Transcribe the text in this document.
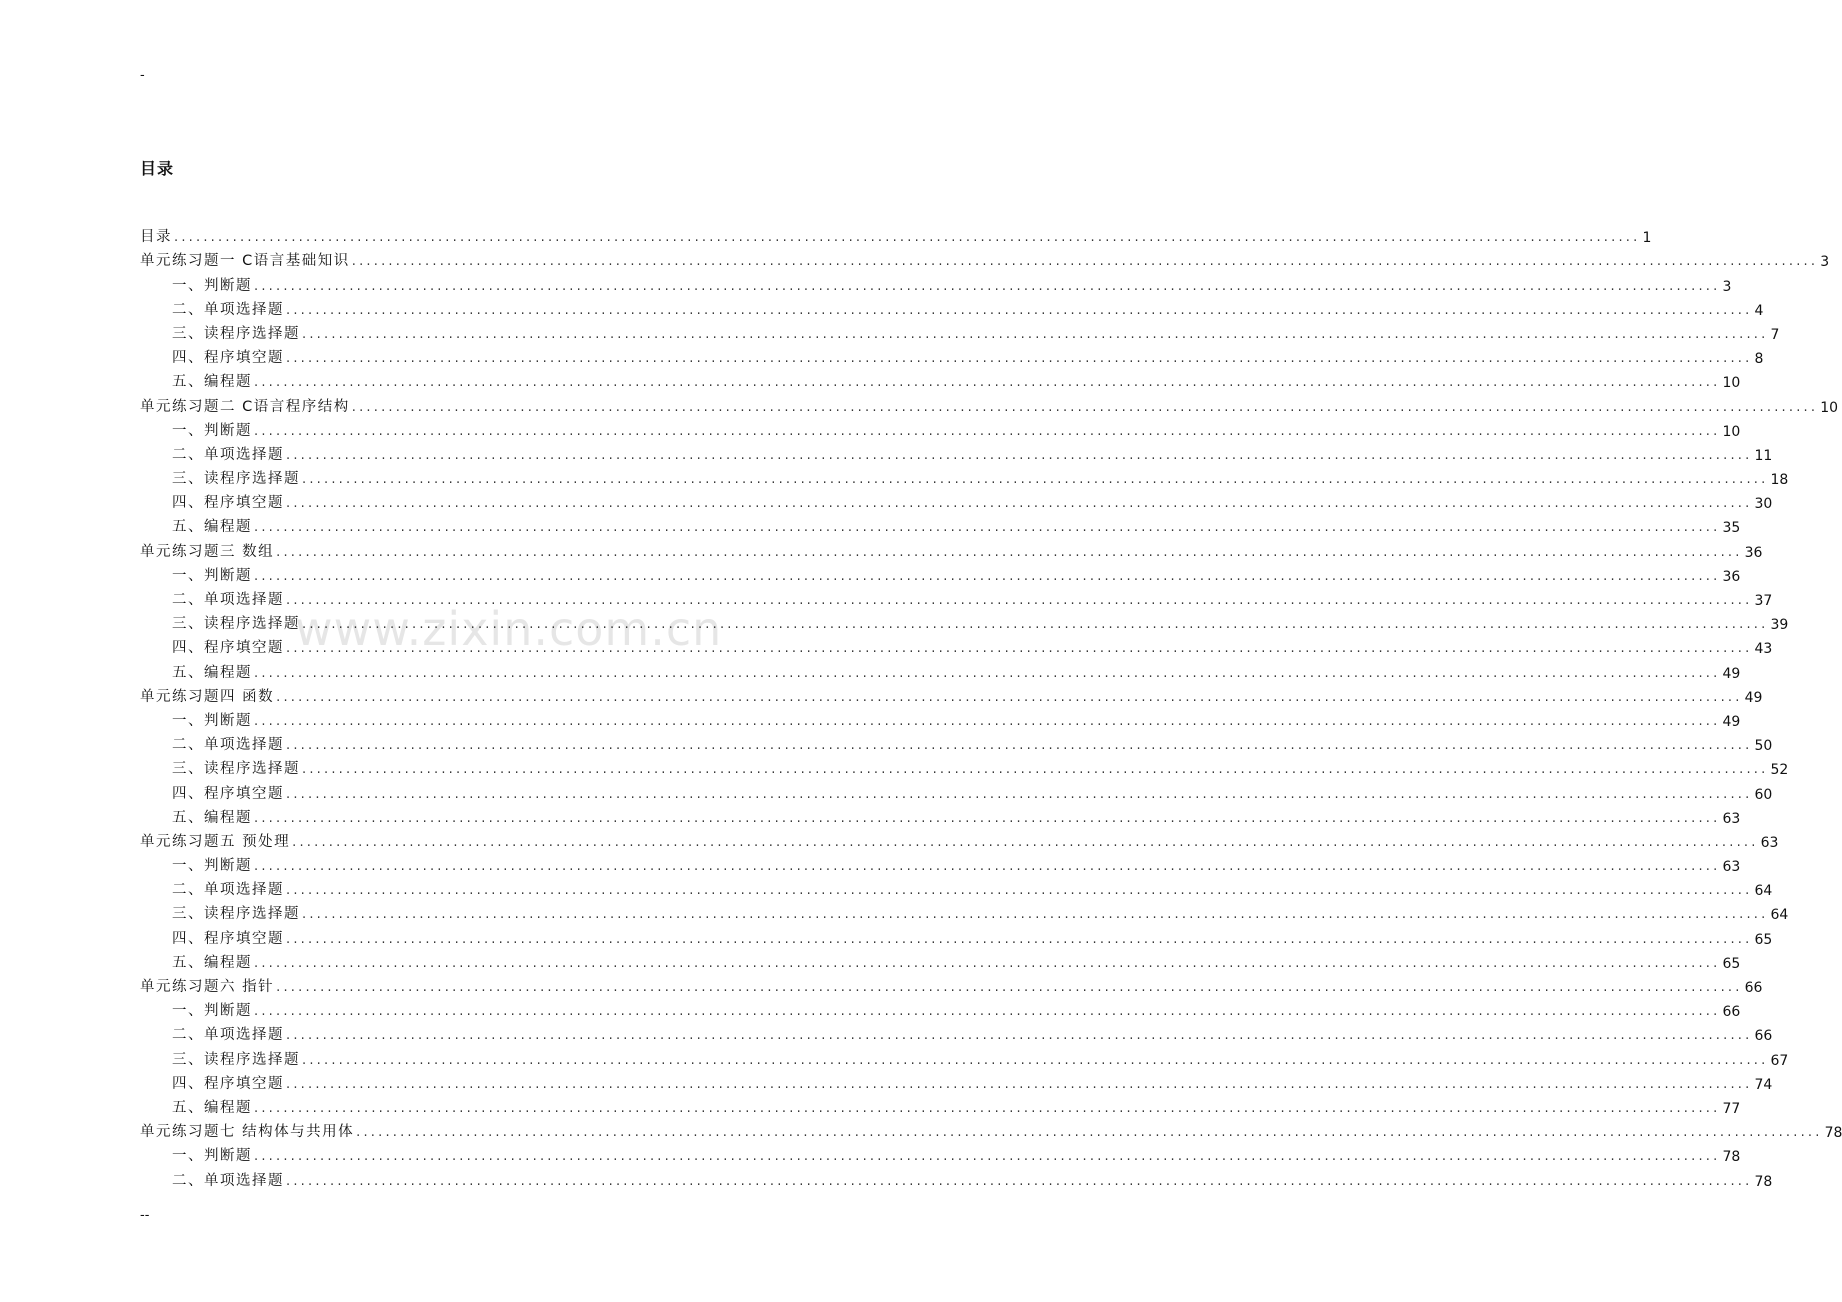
-
目录
www.zixin.com.cn
目录 ........................................................................................................................................................................................................ 1
单元练习题一 C语言基础知识 ........................................................................................................................................................................................................ 3
一、 判断题 ........................................................................................................................................................................................................ 3
二、 单项选择题 ........................................................................................................................................................................................................ 4
三、 读程序选择题 ........................................................................................................................................................................................................ 7
四、 程序填空题 ........................................................................................................................................................................................................ 8
五、 编程题 ........................................................................................................................................................................................................ 10
单元练习题二 C语言程序结构 ........................................................................................................................................................................................................ 10
一、 判断题 ........................................................................................................................................................................................................ 10
二、 单项选择题 ........................................................................................................................................................................................................ 11
三、 读程序选择题 ........................................................................................................................................................................................................ 18
四、 程序填空题 ........................................................................................................................................................................................................ 30
五、 编程题 ........................................................................................................................................................................................................ 35
单元练习题三 数组 ........................................................................................................................................................................................................ 36
一、 判断题 ........................................................................................................................................................................................................ 36
二、 单项选择题 ........................................................................................................................................................................................................ 37
三、 读程序选择题 ........................................................................................................................................................................................................ 39
四、 程序填空题 ........................................................................................................................................................................................................ 43
五、 编程题 ........................................................................................................................................................................................................ 49
单元练习题四 函数 ........................................................................................................................................................................................................ 49
一、 判断题 ........................................................................................................................................................................................................ 49
二、 单项选择题 ........................................................................................................................................................................................................ 50
三、 读程序选择题 ........................................................................................................................................................................................................ 52
四、 程序填空题 ........................................................................................................................................................................................................ 60
五、 编程题 ........................................................................................................................................................................................................ 63
单元练习题五 预处理 ........................................................................................................................................................................................................ 63
一、 判断题 ........................................................................................................................................................................................................ 63
二、 单项选择题 ........................................................................................................................................................................................................ 64
三、 读程序选择题 ........................................................................................................................................................................................................ 64
四、 程序填空题 ........................................................................................................................................................................................................ 65
五、 编程题 ........................................................................................................................................................................................................ 65
单元练习题六 指针 ........................................................................................................................................................................................................ 66
一、 判断题 ........................................................................................................................................................................................................ 66
二、 单项选择题 ........................................................................................................................................................................................................ 66
三、 读程序选择题 ........................................................................................................................................................................................................ 67
四、 程序填空题 ........................................................................................................................................................................................................ 74
五、 编程题 ........................................................................................................................................................................................................ 77
单元练习题七 结构体与共用体 ........................................................................................................................................................................................................ 78
一、 判断题 ........................................................................................................................................................................................................ 78
二、 单项选择题 ........................................................................................................................................................................................................ 78
--
